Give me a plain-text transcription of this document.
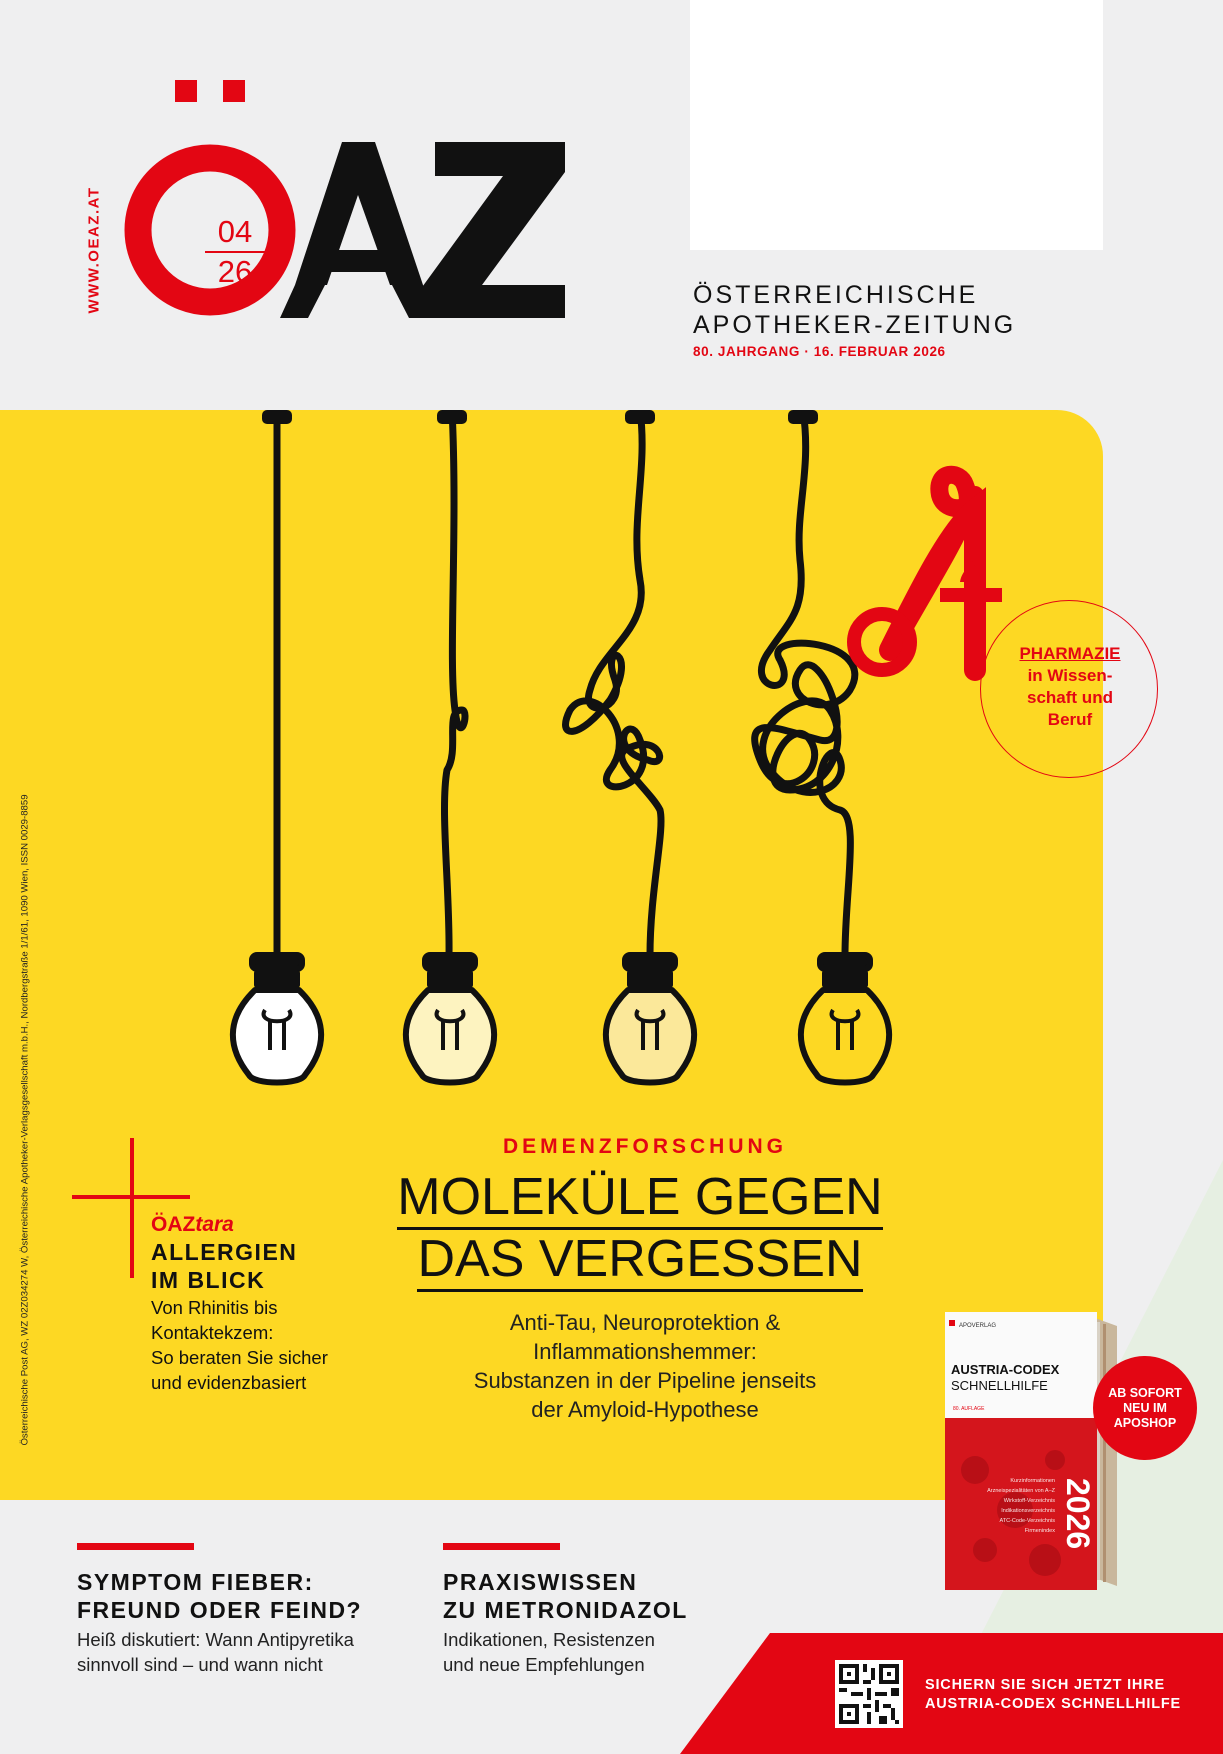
WWW.OEAZ.AT	04
26
ÖSTERREICHISCHE
APOTHEKER-ZEITUNG
80. JAHRGANG · 16. FEBRUAR 2026
Österreichische Post AG, WZ 02Z034274 W, Österreichische Apotheker-Verlagsgesellschaft m.b.H., Nordbergstraße 1/1/61, 1090 Wien, ISSN 0029-8859
PHARMAZIE
in Wissen-
schaft und
Beruf
ÖAZtara
ALLERGIEN
IM BLICK
Von Rhinitis bis
Kontaktekzem:
So beraten Sie sicher
und evidenzbasiert
DEMENZFORSCHUNG
MOLEKÜLE GEGEN
DAS VERGESSEN
Anti-Tau, Neuroprotektion &
Inflammationshemmer:
Substanzen in der Pipeline jenseits
der Amyloid-Hypothese
APOVERLAG
AUSTRIA-CODEX
SCHNELLHILFE
80. AUFLAGE
Kurzinformationen
Arzneispezialitäten von A–Z
Wirkstoff-Verzeichnis
Indikationsverzeichnis
ATC-Code-Verzeichnis
Firmenindex 2026
AB SOFORT
NEU IM
APOSHOP
SYMPTOM FIEBER:
FREUND ODER FEIND?
Heiß diskutiert: Wann Antipyretika
sinnvoll sind – und wann nicht
PRAXISWISSEN
ZU METRONIDAZOL
Indikationen, Resistenzen
und neue Empfehlungen
SICHERN SIE SICH JETZT IHRE
AUSTRIA-CODEX SCHNELLHILFE
